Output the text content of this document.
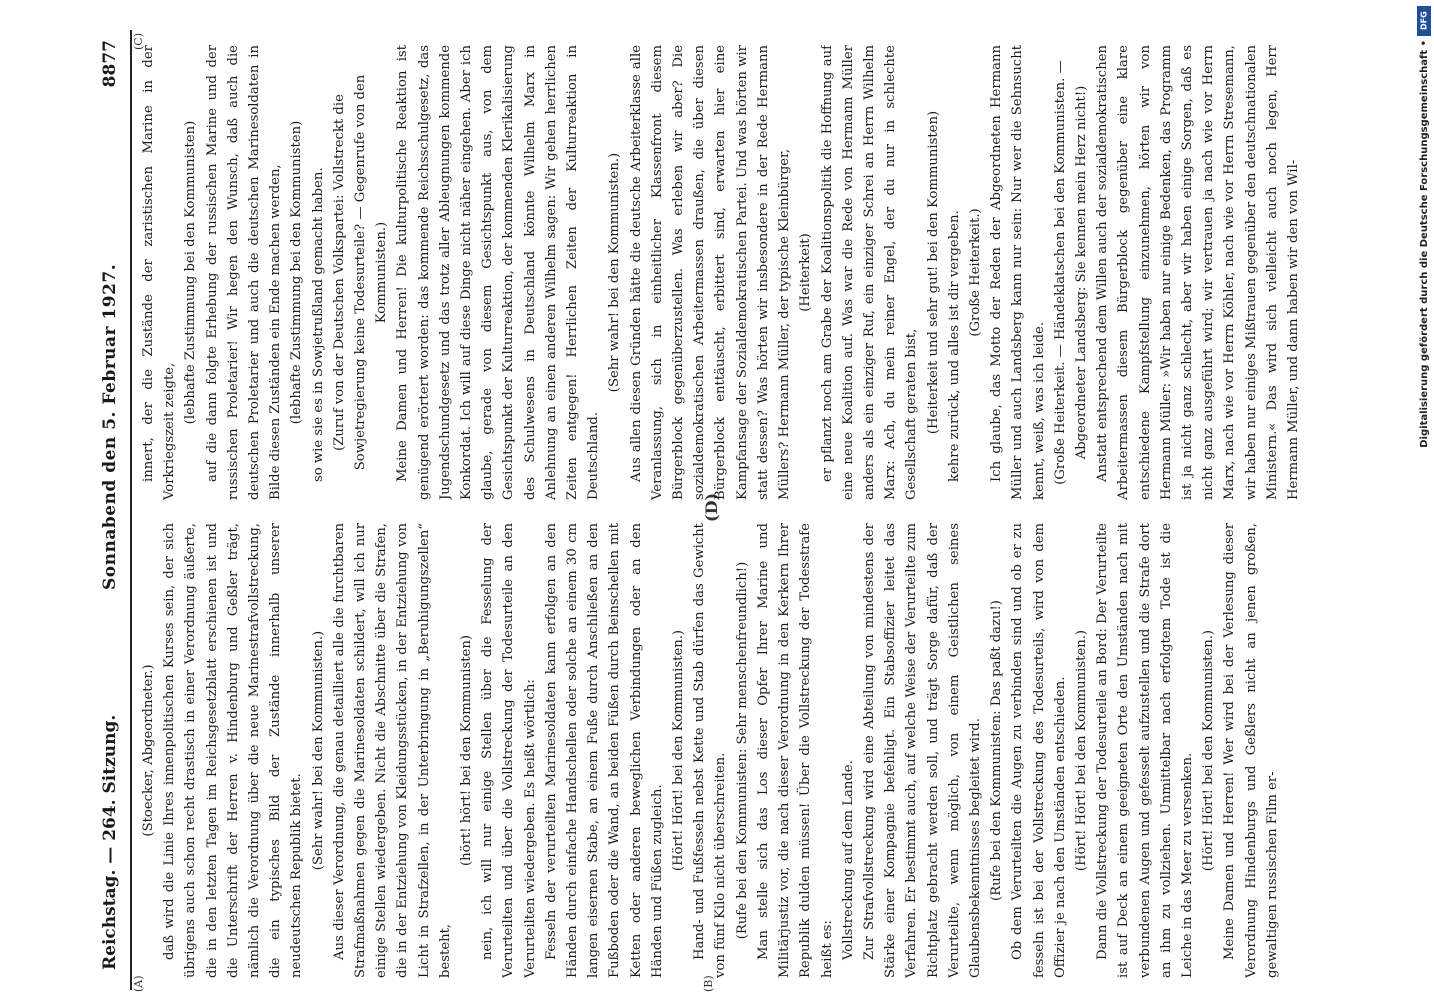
Reichstag. — 264. Sitzung.
Sonnabend den 5. Februar 1927.
8877
(A)	(B)
(C)
(D)

(Stoecker, Abgeordneter.) daß wird die Linie Ihres innenpolitischen Kurses sein, der sich übrigens auch schon recht drastisch in einer Verordnung äußerte, die in den letzten Tagen im Reichsgesetzblatt erschienen ist und die Unterschrift der Herren v. Hindenburg und Geßler trägt, nämlich die Verordnung über die neue Marinestrafvollstreckung, die ein typisches Bild der Zustände innerhalb unserer neudeutschen Republik bietet.

(Sehr wahr! bei den Kommunisten.) Aus dieser Verordnung, die genau detailliert alle die furchtbaren Strafmaßnahmen gegen die Marinesoldaten schildert, will ich nur einige Stellen wiedergeben. Nicht die Abschnitte über die Strafen, die in der Entziehung von Kleidungsstücken, in der Entziehung von Licht in Strafzellen, in der Unterbringung in „Beruhigungszellen“ besteht,

(hört! hört! bei den Kommunisten) nein, ich will nur einige Stellen über die Fesselung der Verurteilten und über die Vollstreckung der Todesurteile an den Verurteilten wiedergeben. Es heißt wörtlich: Fesseln der verurteilten Marinesoldaten kann erfolgen an den Händen durch einfache Handschellen oder solche an einem 30 cm langen eisernen Stabe, an einem Fuße durch Anschließen an den Fußboden oder die Wand, an beiden Füßen durch Beinschellen mit Ketten oder anderen beweglichen Verbindungen oder an den Händen und Füßen zugleich.

(Hört! Hört! bei den Kommunisten.) Hand- und Fußfesseln nebst Kette und Stab dürfen das Gewicht von fünf Kilo nicht überschreiten. (Rufe bei den Kommunisten: Sehr menschenfreundlich!) Man stelle sich das Los dieser Opfer Ihrer Marine und Militärjustiz vor, die nach dieser Verordnung in den Kerkern Ihrer Republik dulden müssen! Über die Vollstreckung der Todesstrafe heißt es: Vollstreckung auf dem Lande. Zur Strafvollstreckung wird eine Abteilung von mindestens der Stärke einer Kompagnie befehligt. Ein Stabsoffizier leitet das Verfahren. Er bestimmt auch, auf welche Weise der Verurteilte zum Richtplatz gebracht werden soll, und trägt Sorge dafür, daß der Verurteilte, wenn möglich, von einem Geistlichen seines Glaubensbekenntnisses begleitet wird. (Rufe bei den Kommunisten: Das paßt dazu!) Ob dem Verurteilten die Augen zu verbinden sind und ob er zu fesseln ist bei der Vollstreckung des Todesurteils, wird von dem Offizier je nach den Umständen entschieden. (Hört! Hört! bei den Kommunisten.) Dann die Vollstreckung der Todesurteile an Bord: Der Verurteilte ist auf Deck an einem geeigneten Orte den Umständen nach mit verbundenen Augen und gefesselt aufzustellen und die Strafe dort an ihm zu vollziehen. Unmittelbar nach erfolgtem Tode ist die Leiche in das Meer zu versenken. (Hört! Hört! bei den Kommunisten.) Meine Damen und Herren! Wer wird bei der Verlesung dieser Verordnung Hindenburgs und Geßlers nicht an jenen großen, gewaltigen russischen Film er-

innert, der die Zustände der zaristischen Marine in der Vorkriegszeit zeigte,

(lebhafte Zustimmung bei den Kommunisten) auf die dann folgte Erhebung der russischen Marine und der russischen Proletarier! Wir hegen den Wunsch, daß auch die deutschen Proletarier und auch die deutschen Marinesoldaten in Bilde diesen Zuständen ein Ende machen werden, (lebhafte Zustimmung bei den Kommunisten) so wie sie es in Sowjetrußland gemacht haben. (Zuruf von der Deutschen Volkspartei: Vollstreckt die Sowjetregierung keine Todesurteile? — Gegenrufe von den Kommunisten.) Meine Damen und Herren! Die kulturpolitische Reaktion ist genügend erörtert worden: das kommende Reichsschulgesetz, das Jugendschundgesetz und das trotz aller Ableugnungen kommende Konkordat. Ich will auf diese Dinge nicht näher eingehen. Aber ich glaube, gerade von diesem Gesichtspunkt aus, von dem Gesichtspunkt der Kulturreaktion, der kommenden Klerikalisierung des Schulwesens in Deutschland könnte Wilhelm Marx in Anlehnung an einen anderen Wilhelm sagen: Wir gehen herrlichen Zeiten entgegen! Herrlichen Zeiten der Kulturreaktion in Deutschland.

(Sehr wahr! bei den Kommunisten.) Aus allen diesen Gründen hätte die deutsche Arbeiterklasse alle Veranlassung, sich in einheitlicher Klassenfront diesem Bürgerblock gegenüberzustellen. Was erleben wir aber? Die sozialdemokratischen Arbeitermassen draußen, die über diesen Bürgerblock enttäuscht, erbittert sind, erwarten hier eine Kampfansage der Sozialdemokratischen Partei. Und was hörten wir statt dessen? Was hörten wir insbesondere in der Rede Hermann Müllers? Hermann Müller, der typische Kleinbürger, (Heiterkeit) er pflanzt noch am Grabe der Koalitionspolitik die Hoffnung auf eine neue Koalition auf. Was war die Rede von Hermann Müller anders als ein einziger Ruf, ein einziger Schrei an Herrn Wilhelm Marx: Ach, du mein reiner Engel, der du nur in schlechte Gesellschaft geraten bist, (Heiterkeit und sehr gut! bei den Kommunisten) kehre zurück, und alles ist dir vergeben. (Große Heiterkeit.) Ich glaube, das Motto der Reden der Abgeordneten Hermann Müller und auch Landsberg kann nur sein: Nur wer die Sehnsucht kennt, weiß, was ich leide. (Große Heiterkeit. — Händeklatschen bei den Kommunisten. — Abgeordneter Landsberg: Sie kennen mein Herz nicht!) Anstatt entsprechend dem Willen auch der sozialdemokratischen Arbeitermassen diesem Bürgerblock gegenüber eine klare entschiedene Kampfstellung einzunehmen, hörten wir von Hermann Müller: »Wir haben nur einige Bedenken, das Programm ist ja nicht ganz schlecht, aber wir haben einige Sorgen, daß es nicht ganz ausgeführt wird; wir vertrauen ja nach wie vor Herrn Marx, nach wie vor Herrn Köhler, nach wie vor Herrn Stresemann, wir haben nur einiges Mißtrauen gegenüber den deutschnationalen Ministern.« Das wird sich vielleicht auch noch legen, Herr Hermann Müller, und dann haben wir den von Wil-

DFG
Digitalisierung gefördert durch die Deutsche Forschungsgemeinschaft •
